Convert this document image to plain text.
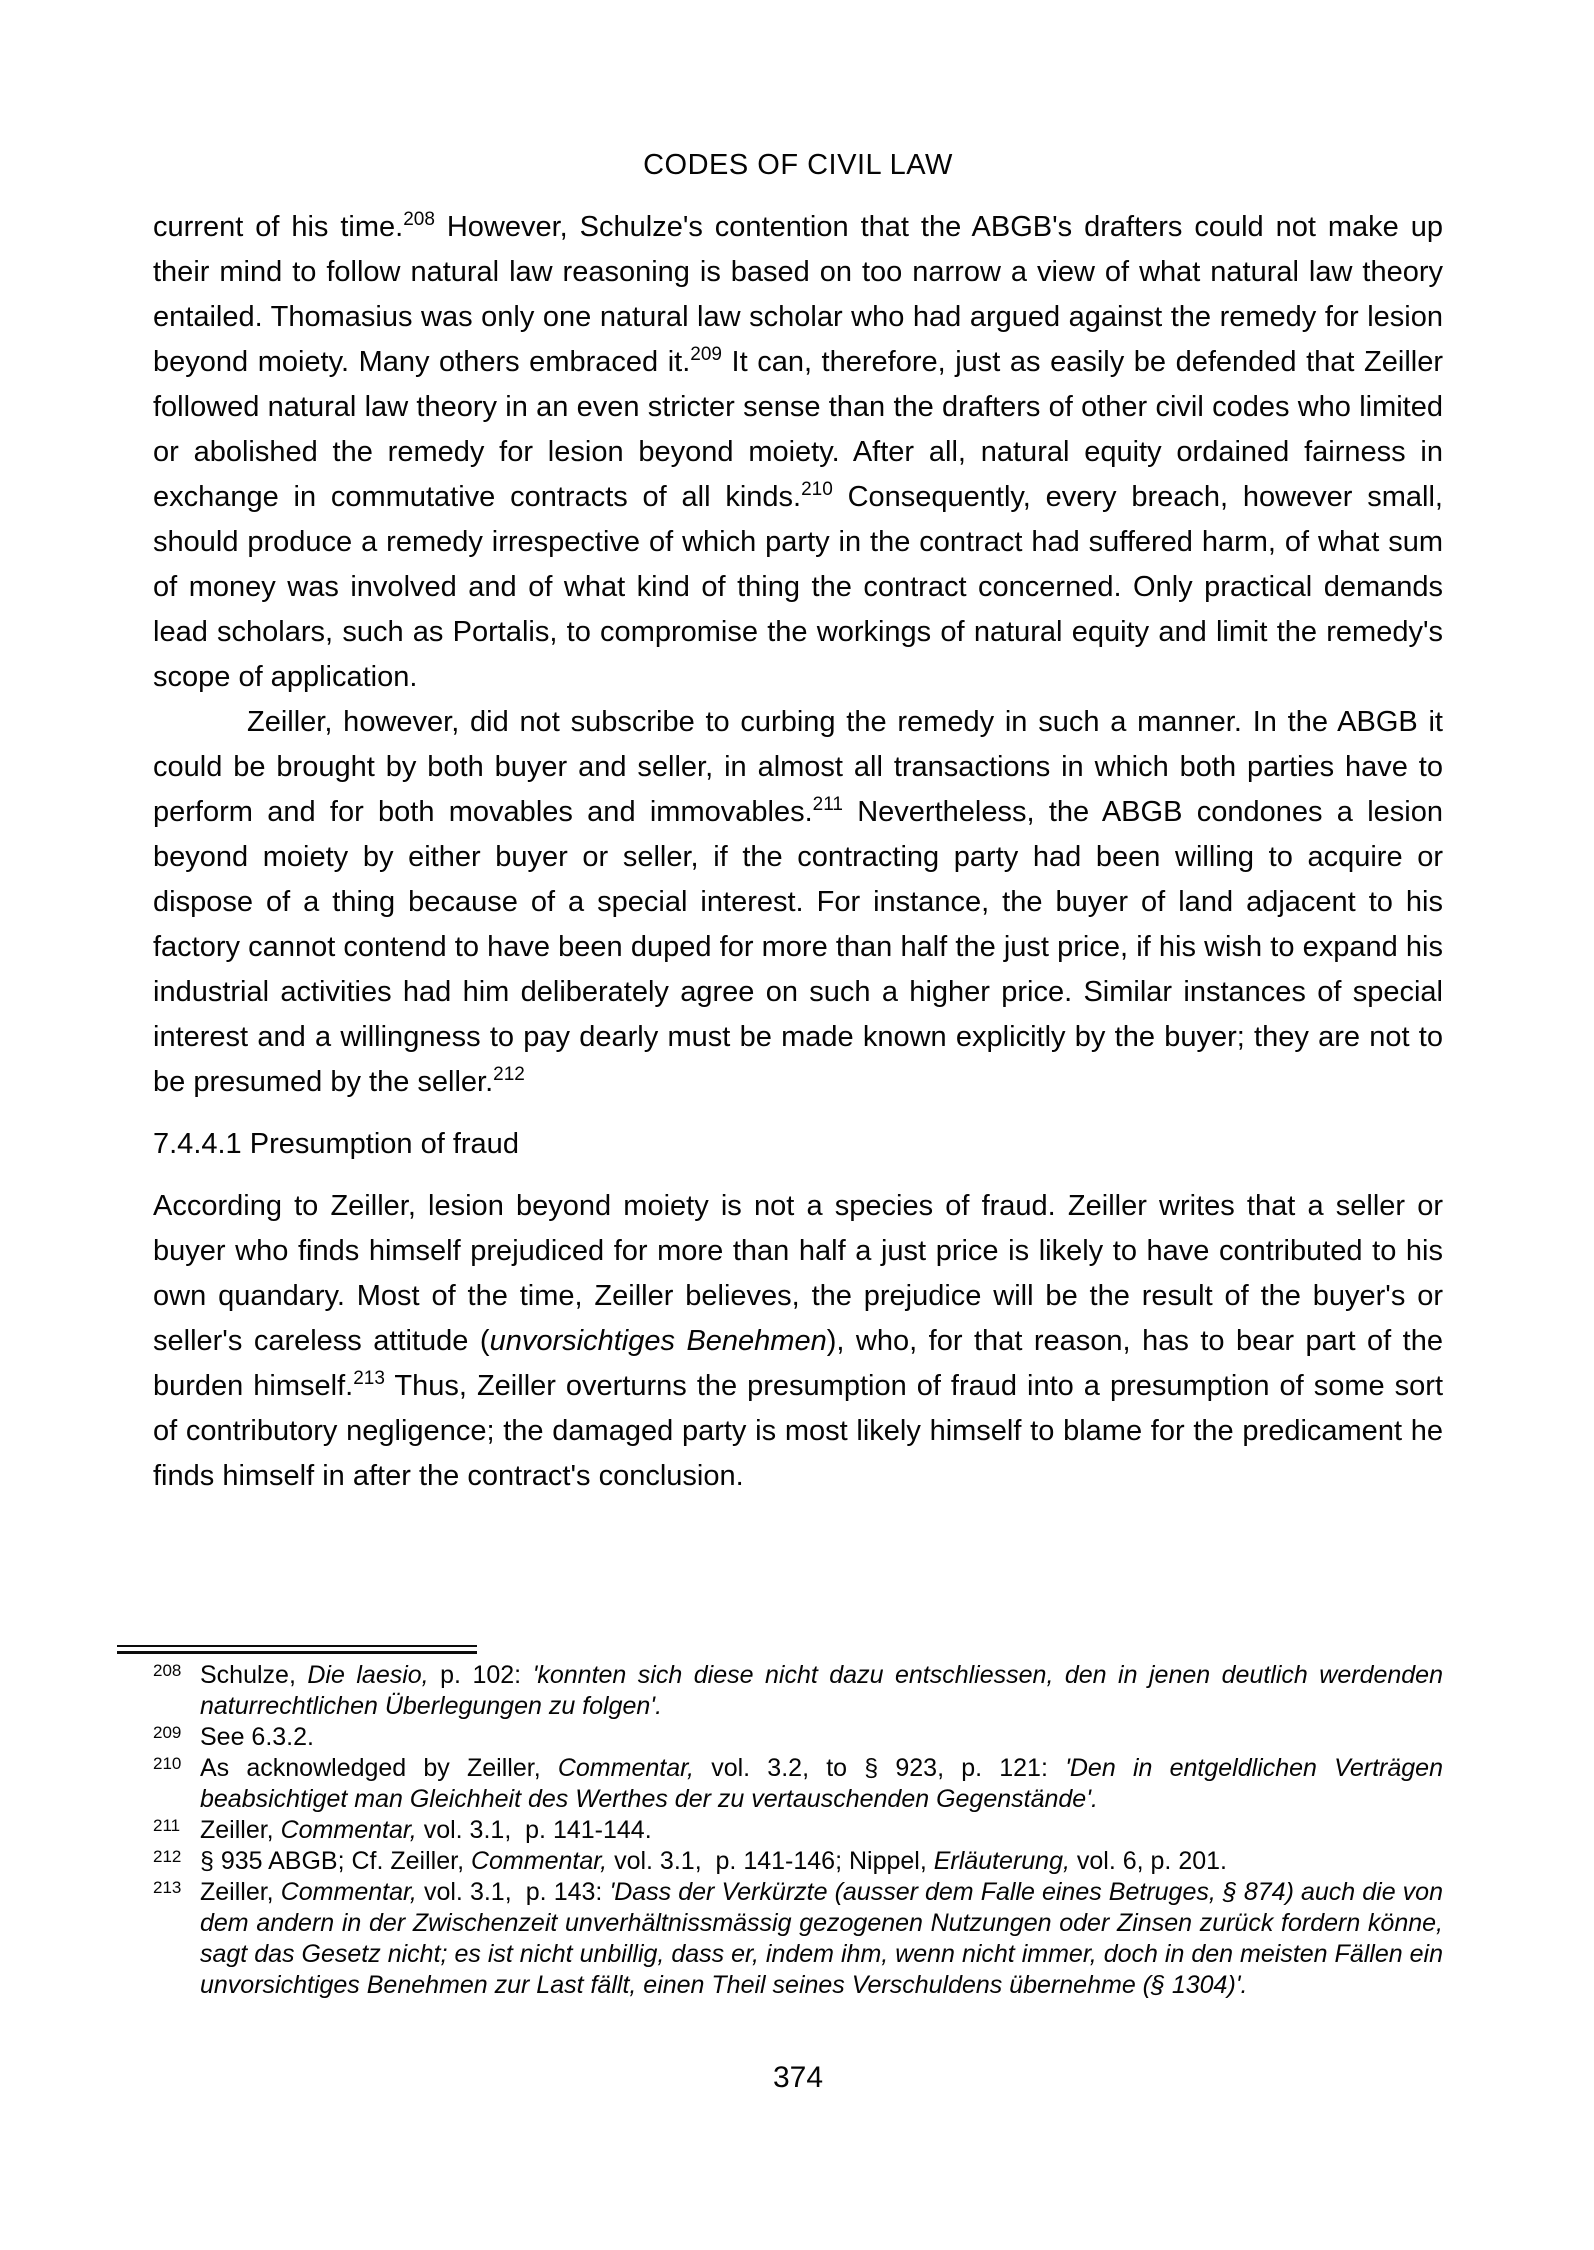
CODES OF CIVIL LAW

current of his time.$^{208}$ However, Schulze's contention that the ABGB's drafters could not make up their mind to follow natural law reasoning is based on too narrow a view of what natural law theory entailed. Thomasius was only one natural law scholar who had argued against the remedy for lesion beyond moiety. Many others embraced it.$^{209}$ It can, therefore, just as easily be defended that Zeiller followed natural law theory in an even stricter sense than the drafters of other civil codes who limited or abolished the remedy for lesion beyond moiety. After all, natural equity ordained fairness in exchange in commutative contracts of all kinds.$^{210}$ Consequently, every breach, however small, should produce a remedy irrespective of which party in the contract had suffered harm, of what sum of money was involved and of what kind of thing the contract concerned. Only practical demands lead scholars, such as Portalis, to compromise the workings of natural equity and limit the remedy's scope of application.

Zeiller, however, did not subscribe to curbing the remedy in such a manner. In the ABGB it could be brought by both buyer and seller, in almost all transactions in which both parties have to perform and for both movables and immovables.$^{211}$ Nevertheless, the ABGB condones a lesion beyond moiety by either buyer or seller, if the contracting party had been willing to acquire or dispose of a thing because of a special interest. For instance, the buyer of land adjacent to his factory cannot contend to have been duped for more than half the just price, if his wish to expand his industrial activities had him deliberately agree on such a higher price. Similar instances of special interest and a willingness to pay dearly must be made known explicitly by the buyer; they are not to be presumed by the seller.$^{212}$

7.4.4.1 Presumption of fraud

According to Zeiller, lesion beyond moiety is not a species of fraud. Zeiller writes that a seller or buyer who finds himself prejudiced for more than half a just price is likely to have contributed to his own quandary. Most of the time, Zeiller believes, the prejudice will be the result of the buyer's or seller's careless attitude (unvorsichtiges Benehmen), who, for that reason, has to bear part of the burden himself.$^{213}$ Thus, Zeiller overturns the presumption of fraud into a presumption of some sort of contributory negligence; the damaged party is most likely himself to blame for the predicament he finds himself in after the contract's conclusion.

208 Schulze, Die laesio, p. 102: 'konnten sich diese nicht dazu entschliessen, den in jenen deutlich werdenden naturrechtlichen Überlegungen zu folgen'.
209 See 6.3.2.
210 As acknowledged by Zeiller, Commentar, vol. 3.2, to § 923, p. 121: 'Den in entgeldlichen Verträgen beabsichtiget man Gleichheit des Werthes der zu vertauschenden Gegenstände'.
211 Zeiller, Commentar, vol. 3.1,  p. 141-144.
212 § 935 ABGB; Cf. Zeiller, Commentar, vol. 3.1,  p. 141-146; Nippel, Erläuterung, vol. 6, p. 201.
213 Zeiller, Commentar, vol. 3.1,  p. 143: 'Dass der Verkürzte (ausser dem Falle eines Betruges, § 874) auch die von dem andern in der Zwischenzeit unverhältnissmässig gezogenen Nutzungen oder Zinsen zurück fordern könne, sagt das Gesetz nicht; es ist nicht unbillig, dass er, indem ihm, wenn nicht immer, doch in den meisten Fällen ein unvorsichtiges Benehmen zur Last fällt, einen Theil seines Verschuldens übernehme (§ 1304)'.
374
